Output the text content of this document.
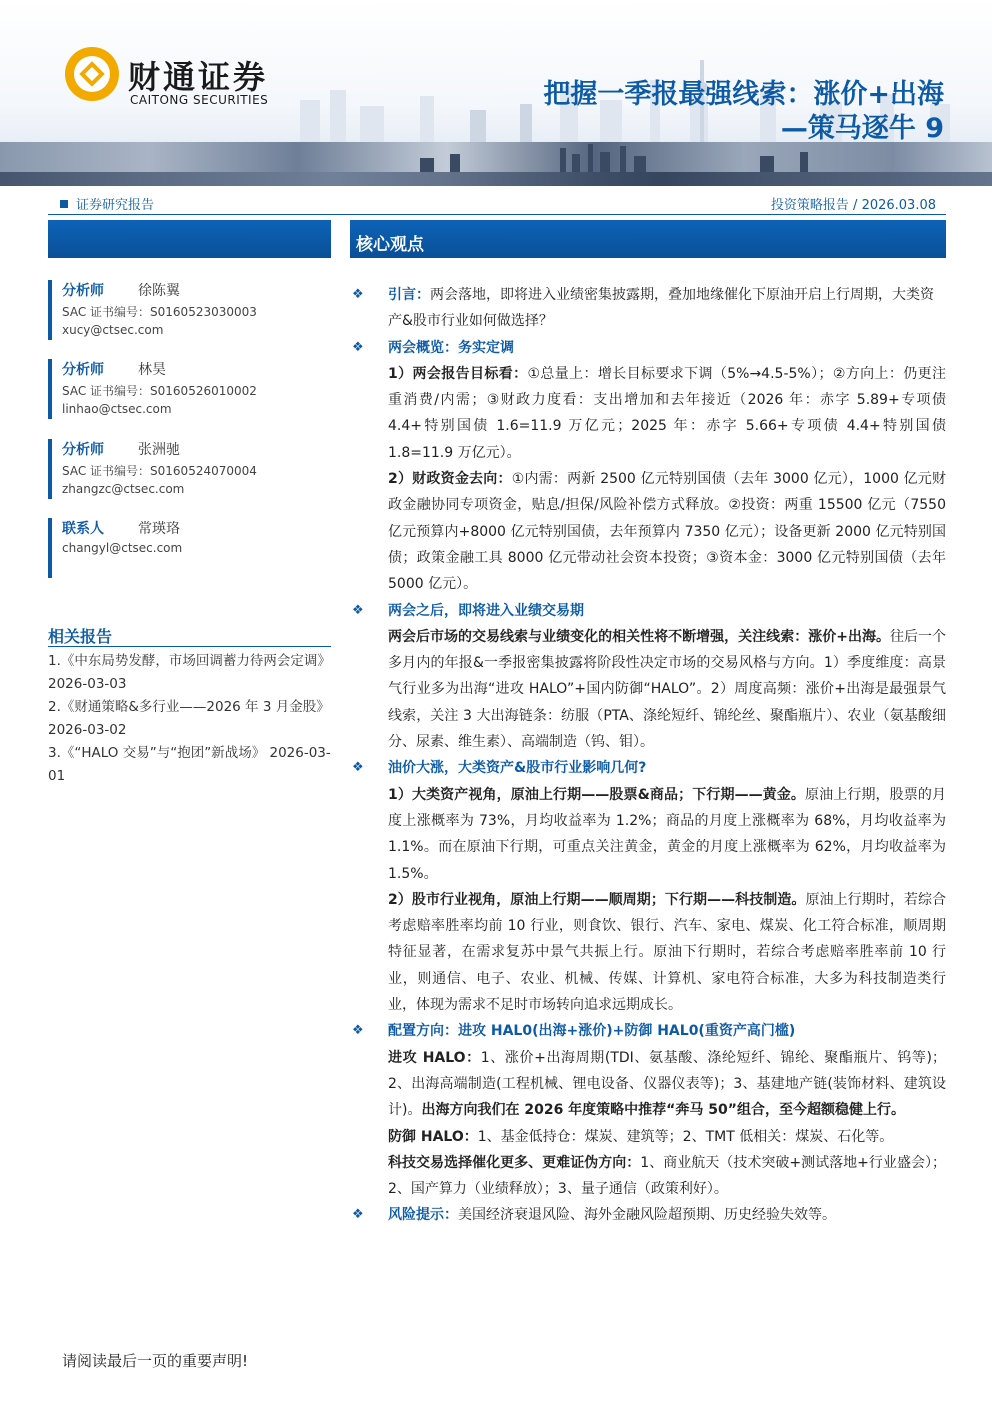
财通证券
CAITONG SECURITIES	把握一季报最强线索：涨价+出海
—策马逐牛 9
证券研究报告	投资策略报告 / 2026.03.08
核心观点
分析师 徐陈翼
SAC 证书编号：S0160523030003
xucy@ctsec.com
分析师 林昊
SAC 证书编号：S0160526010002
linhao@ctsec.com
分析师 张洲驰
SAC 证书编号：S0160524070004
zhangzc@ctsec.com
联系人 常瑛珞
changyl@ctsec.com
相关报告
1.《中东局势发酵，市场回调蓄力待两会定调》 2026-03-03
2.《财通策略&多行业——2026 年 3 月金股》 2026-03-02
3.《“HALO 交易”与“抱团”新战场》 2026-03-01
❖ 引言：两会落地，即将进入业绩密集披露期，叠加地缘催化下原油开启上行周期，大类资产&股市行业如何做选择？
❖ 两会概览：务实定调
1）两会报告目标看：①总量上：增长目标要求下调（5%→4.5-5%）；②方向上：仍更注重消费/内需；③财政力度看：支出增加和去年接近（2026 年：赤字 5.89+专项债 4.4+特别国债 1.6=11.9 万亿元；2025 年：赤字 5.66+专项债 4.4+特别国债 1.8=11.9 万亿元）。
2）财政资金去向：①内需：两新 2500 亿元特别国债（去年 3000 亿元），1000 亿元财政金融协同专项资金，贴息/担保/风险补偿方式释放。②投资：两重 15500 亿元（7550 亿元预算内+8000 亿元特别国债，去年预算内 7350 亿元）；设备更新 2000 亿元特别国债；政策金融工具 8000 亿元带动社会资本投资；③资本金：3000 亿元特别国债（去年 5000 亿元）。
❖ 两会之后，即将进入业绩交易期
两会后市场的交易线索与业绩变化的相关性将不断增强，关注线索：涨价+出海。往后一个多月内的年报&一季报密集披露将阶段性决定市场的交易风格与方向。1）季度维度：高景气行业多为出海“进攻 HALO”+国内防御“HALO”。2）周度高频：涨价+出海是最强景气线索，关注 3 大出海链条：纺服（PTA、涤纶短纤、锦纶丝、聚酯瓶片）、农业（氨基酸细分、尿素、维生素）、高端制造（钨、钼）。
❖ 油价大涨，大类资产&股市行业影响几何?
1）大类资产视角，原油上行期——股票&商品；下行期——黄金。原油上行期，股票的月度上涨概率为 73%，月均收益率为 1.2%；商品的月度上涨概率为 68%，月均收益率为 1.1%。而在原油下行期，可重点关注黄金，黄金的月度上涨概率为 62%，月均收益率为 1.5%。
2）股市行业视角，原油上行期——顺周期；下行期——科技制造。原油上行期时，若综合考虑赔率胜率均前 10 行业，则食饮、银行、汽车、家电、煤炭、化工符合标准，顺周期特征显著，在需求复苏中景气共振上行。原油下行期时，若综合考虑赔率胜率前 10 行业，则通信、电子、农业、机械、传媒、计算机、家电符合标准，大多为科技制造类行业，体现为需求不足时市场转向追求远期成长。
❖ 配置方向：进攻 HAL0(出海+涨价)+防御 HAL0(重资产高门槛)
进攻 HALO：1、涨价+出海周期(TDI、氨基酸、涤纶短纤、锦纶、聚酯瓶片、钨等)；2、出海高端制造(工程机械、锂电设备、仪器仪表等)；3、基建地产链(装饰材料、建筑设计)。出海方向我们在 2026 年度策略中推荐“奔马 50”组合，至今超额稳健上行。
防御 HALO：1、基金低持仓：煤炭、建筑等；2、TMT 低相关：煤炭、石化等。
科技交易选择催化更多、更难证伪方向：1、商业航天（技术突破+测试落地+行业盛会）；2、国产算力（业绩释放）；3、量子通信（政策利好）。
❖ 风险提示：美国经济衰退风险、海外金融风险超预期、历史经验失效等。
请阅读最后一页的重要声明!
